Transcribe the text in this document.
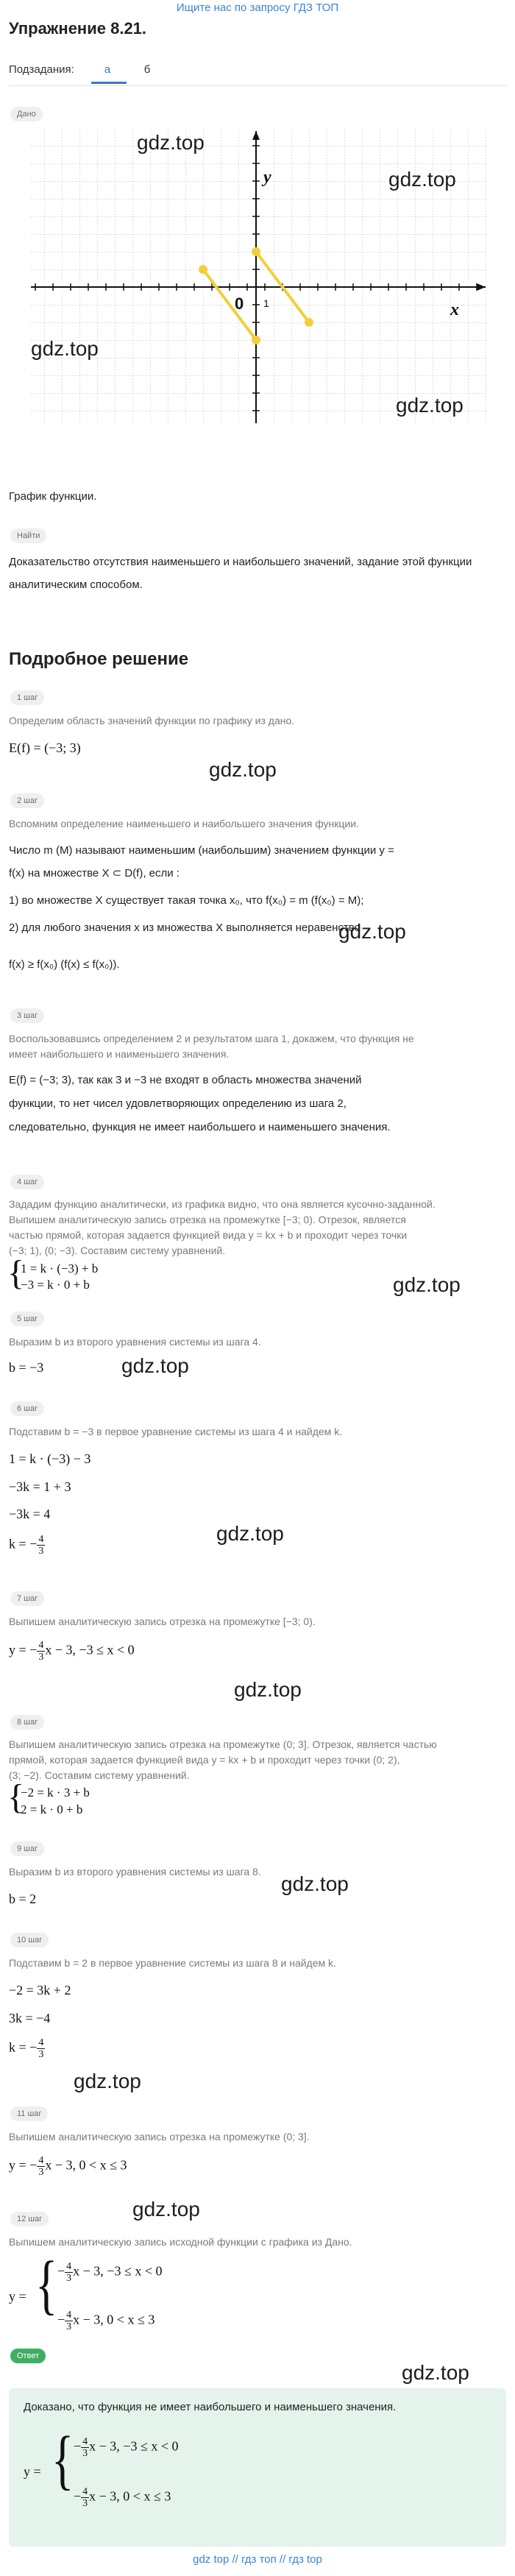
Ищите нас по запросу ГДЗ ТОП
Упражнение 8.21.
Подзадания:	а	б
Дано
x
y
0 1
gdz.top
gdz.top
gdz.top
gdz.top
График функции.
Найти
Доказательство отсутствия наименьшего и наибольшего значений, задание этой функции аналитическим способом.
Подробное решение
1 шаг
Определим область значений функции по графику из дано.
E(f) = (−3; 3)
gdz.top
2 шаг
Вспомним определение наименьшего и наибольшего значения функции.
Число m (M) называют наименьшим (наибольшим) значением функции y =
f(x) на множестве X ⊂ D(f), если :
1) во множестве X существует такая точка x₀, что f(x₀) = m (f(x₀) = M);
2) для любого значения x из множества X выполняется неравенство
gdz.top
f(x) ≥ f(x₀) (f(x) ≤ f(x₀)).
3 шаг
Воспользовавшись определением 2 и результатом шага 1, докажем, что функция не
имеет наибольшего и наименьшего значения.
E(f) = (−3; 3), так как 3 и −3 не входят в область множества значений
функции, то нет чисел удовлетворяющих определению из шага 2,
следовательно, функция не имеет наибольшего и наименьшего значения.
4 шаг
Зададим функцию аналитически, из графика видно, что она является кусочно-заданной.
Выпишем аналитическую запись отрезка на промежутке [−3; 0). Отрезок, является
частью прямой, которая задается функцией вида y = kx + b и проходит через точки
(−3; 1), (0; −3). Составим систему уравнений.
{
1 = k · (−3) + b
−3 = k · 0 + b	gdz.top
5 шаг
Выразим b из второго уравнения системы из шага 4.
b = −3	gdz.top
6 шаг
Подставим b = −3 в первое уравнение системы из шага 4 и найдем k.
1 = k · (−3) − 3
−3k = 1 + 3
−3k = 4
k = − $\frac{4}{3}$
gdz.top
7 шаг
Выпишем аналитическую запись отрезка на промежутке [−3; 0).
y = − $\frac{4}{3}$ x − 3, −3 ≤ x < 0
gdz.top
8 шаг
Выпишем аналитическую запись отрезка на промежутке (0; 3]. Отрезок, является частью
прямой, которая задается функцией вида y = kx + b и проходит через точки (0; 2),
(3; −2). Составим систему уравнений.
{
−2 = k · 3 + b
2 = k · 0 + b
9 шаг
Выразим b из второго уравнения системы из шага 8.
b = 2
gdz.top
10 шаг
Подставим b = 2 в первое уравнение системы из шага 8 и найдем k.
−2 = 3k + 2
3k = −4
k = − $\frac{4}{3}$
gdz.top
11 шаг
Выпишем аналитическую запись отрезка на промежутке (0; 3].
y = − $\frac{4}{3}$ x − 3, 0 < x ≤ 3
gdz.top
12 шаг
Выпишем аналитическую запись исходной функции с графика из Дано.
y = { − $\frac{4}{3}$ x − 3, −3 ≤ x < 0
− $\frac{4}{3}$ x − 3, 0 < x ≤ 3
Ответ
gdz.top
Доказано, что функция не имеет наибольшего и наименьшего значения.
y = { − $\frac{4}{3}$ x − 3, −3 ≤ x < 0
− $\frac{4}{3}$ x − 3, 0 < x ≤ 3
gdz top // гдз топ // гдз top
